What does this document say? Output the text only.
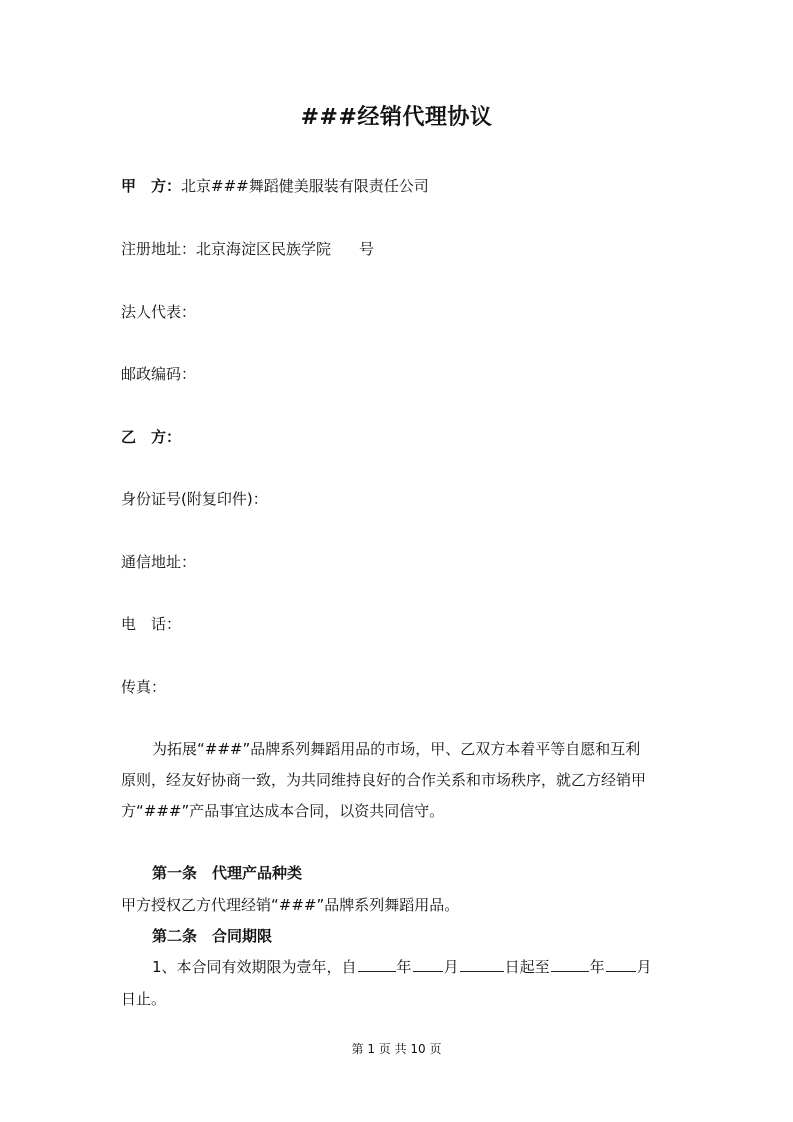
###经销代理协议
甲　方：北京###舞蹈健美服装有限责任公司
注册地址：北京海淀区民族学院 号
法人代表：
邮政编码：
乙　方：
身份证号(附复印件)：
通信地址：
电　话：
传真：
为拓展“###”品牌系列舞蹈用品的市场，甲、乙双方本着平等自愿和互利
原则，经友好协商一致，为共同维持良好的合作关系和市场秩序，就乙方经销甲
方“###”产品事宜达成本合同，以资共同信守。
第一条　代理产品种类
甲方授权乙方代理经销“###”品牌系列舞蹈用品。
第二条　合同期限
1、本合同有效期限为壹年，自	年 月	日起至	年 月
日止。
第 1 页 共 10 页
